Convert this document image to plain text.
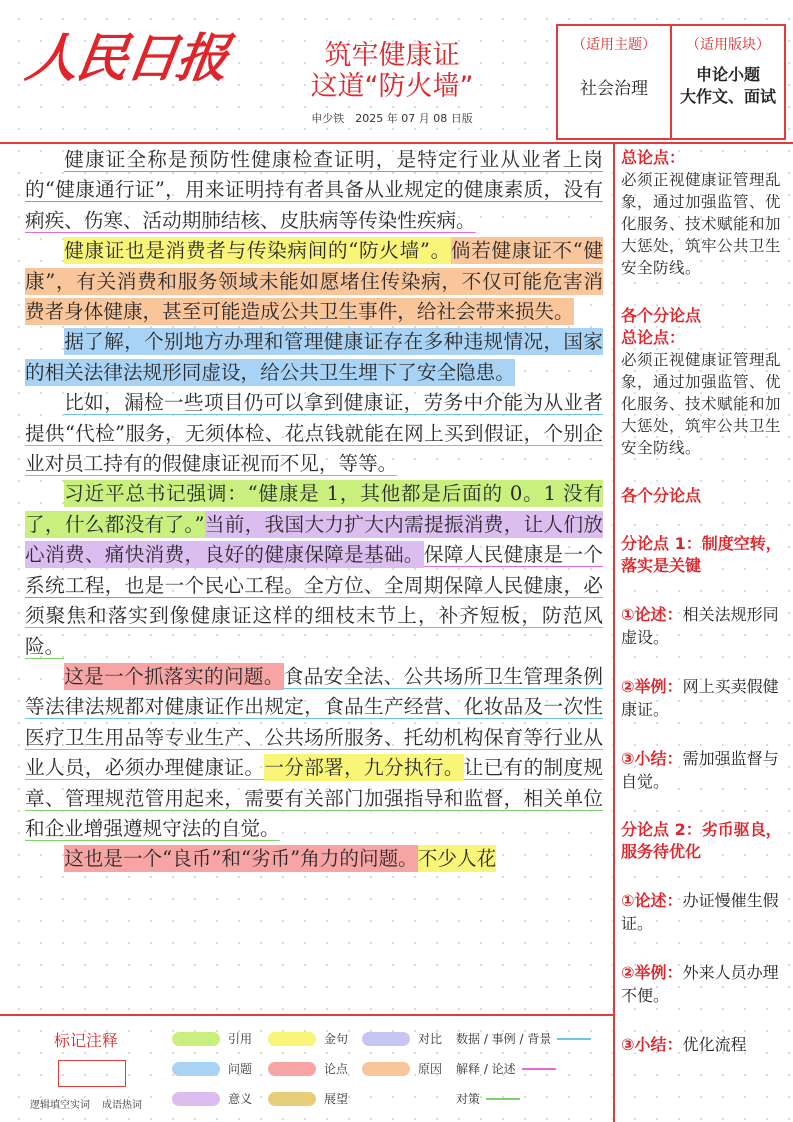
人民日报	筑牢健康证
这道“防火墙”
申少铁　2025 年 07 月 08 日版
（适用主题）
社会治理
（适用版块）
申论小题
大作文、面试

健康证全称是预防性健康检查证明，是特定行业从业者上岗的“健康通行证”，用来证明持有者具备从业规定的健康素质，没有痢疾、伤寒、活动期肺结核、皮肤病等传染性疾病。

健康证也是消费者与传染病间的“防火墙”。倘若健康证不“健康”，有关消费和服务领域未能如愿堵住传染病，不仅可能危害消费者身体健康，甚至可能造成公共卫生事件，给社会带来损失。

据了解，个别地方办理和管理健康证存在多种违规情况，国家的相关法律法规形同虚设，给公共卫生埋下了安全隐患。

比如，漏检一些项目仍可以拿到健康证，劳务中介能为从业者提供“代检”服务，无须体检、花点钱就能在网上买到假证，个别企业对员工持有的假健康证视而不见，等等。

习近平总书记强调：“健康是 1，其他都是后面的 0。1 没有了，什么都没有了。”当前，我国大力扩大内需提振消费，让人们放心消费、痛快消费，良好的健康保障是基础。保障人民健康是一个系统工程，也是一个民心工程。全方位、全周期保障人民健康，必须聚焦和落实到像健康证这样的细枝末节上，补齐短板，防范风险。

这是一个抓落实的问题。食品安全法、公共场所卫生管理条例等法律法规都对健康证作出规定，食品生产经营、化妆品及一次性医疗卫生用品等专业生产、公共场所服务、托幼机构保育等行业从业人员，必须办理健康证。一分部署，九分执行。让已有的制度规章、管理规范管用起来，需要有关部门加强指导和监督，相关单位和企业增强遵规守法的自觉。

这也是一个“良币”和“劣币”角力的问题。不少人花

总论点：
必须正视健康证管理乱象，通过加强监管、优化服务、技术赋能和加大惩处，筑牢公共卫生安全防线。
各个分论点
总论点：
必须正视健康证管理乱象，通过加强监管、优化服务、技术赋能和加大惩处，筑牢公共卫生安全防线。
各个分论点
分论点 1：制度空转，落实是关键
①论述：相关法规形同虚设。
②举例：网上买卖假健康证。
③小结：需加强监督与自觉。
分论点 2：劣币驱良，服务待优化
①论述：办证慢催生假证。
②举例：外来人员办理不便。
③小结：优化流程
标记注释
逻辑填空实词 成语热词
引用	金句	对比 数据 / 事例 / 背景
问题	论点	原因 解释 / 论述
意义	展望	对策
